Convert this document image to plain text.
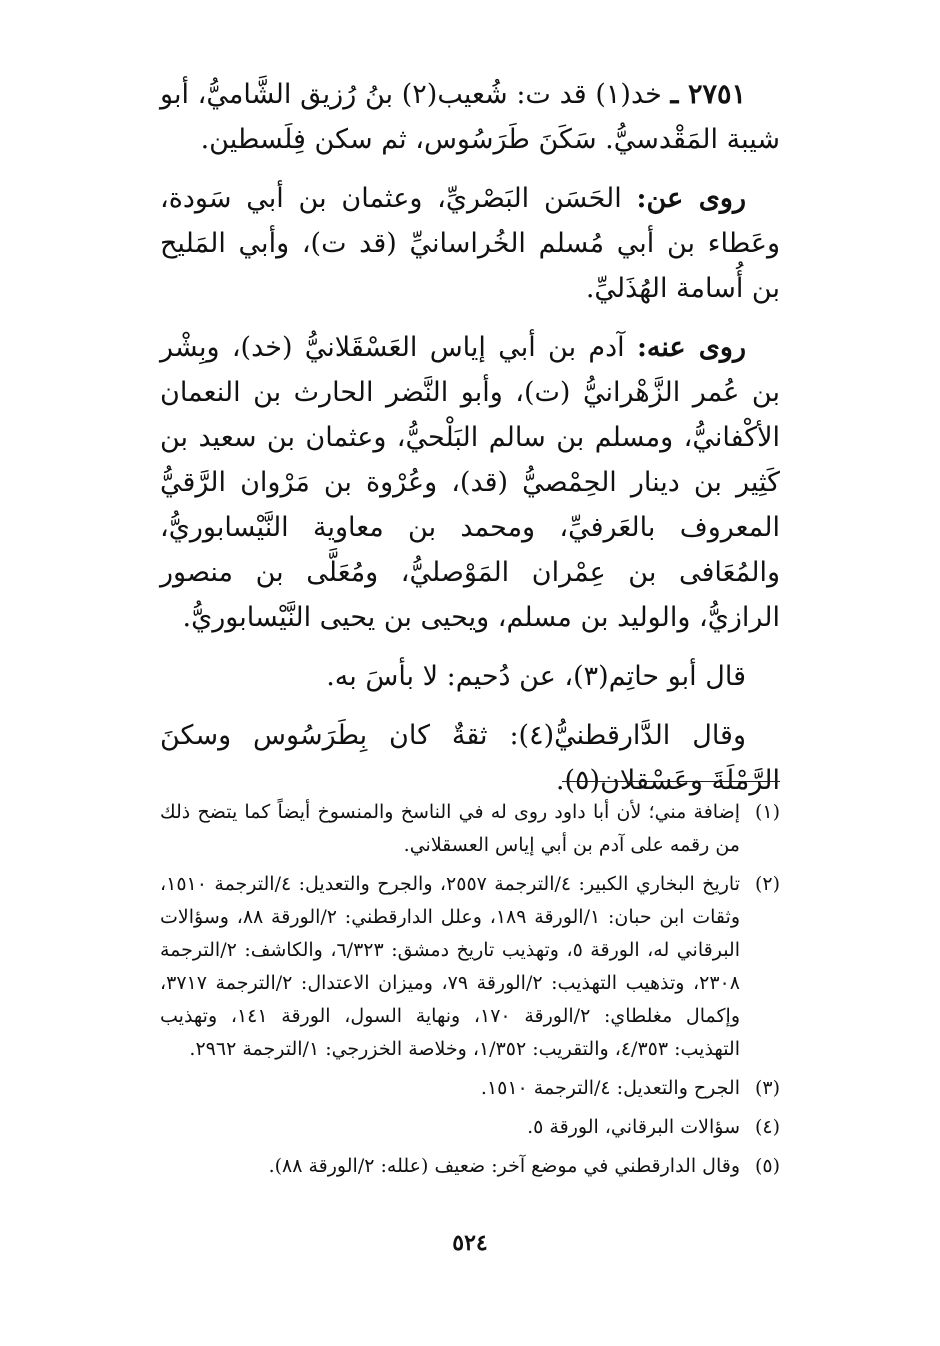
٢٧٥١ ـ خد(١) قد ت: شُعيب(٢) بنُ رُزيق الشَّاميُّ، أبو شيبة المَقْدسيُّ. سَكَنَ طَرَسُوس، ثم سكن فِلَسطين.

روى عن: الحَسَن البَصْريِّ، وعثمان بن أبي سَودة، وعَطاء بن أبي مُسلم الخُراسانيِّ (قد ت)، وأبي المَليح بن أُسامة الهُذَليِّ.

روى عنه: آدم بن أبي إياس العَسْقَلانيُّ (خد)، وبِشْر بن عُمر الزَّهْرانيُّ (ت)، وأبو النَّضر الحارث بن النعمان الأكْفانيُّ، ومسلم بن سالم البَلْحيُّ، وعثمان بن سعيد بن كَثِير بن دينار الحِمْصيُّ (قد)، وعُرْوة بن مَرْوان الرَّقيُّ المعروف بالعَرفيِّ، ومحمد بن معاوية النَّيْسابوريُّ، والمُعَافى بن عِمْران المَوْصليُّ، ومُعَلَّى بن منصور الرازيُّ، والوليد بن مسلم، ويحيى بن يحيى النَّيْسابوريُّ.

قال أبو حاتِم(٣)، عن دُحيم: لا بأسَ به.

وقال الدَّارقطنيُّ(٤): ثقةٌ كان بِطَرَسُوس وسكنَ الرَّمْلَةَ وعَسْقلان(٥).

(١)
إضافة مني؛ لأن أبا داود روى له في الناسخ والمنسوخ أيضاً كما يتضح ذلك من رقمه على آدم بن أبي إياس العسقلاني.

(٢)
تاريخ البخاري الكبير: ٤/الترجمة ٢٥٥٧، والجرح والتعديل: ٤/الترجمة ١٥١٠، وثقات ابن حبان: ١/الورقة ١٨٩، وعلل الدارقطني: ٢/الورقة ٨٨، وسؤالات البرقاني له، الورقة ٥، وتهذيب تاريخ دمشق: ٦/٣٢٣، والكاشف: ٢/الترجمة ٢٣٠٨، وتذهيب التهذيب: ٢/الورقة ٧٩، وميزان الاعتدال: ٢/الترجمة ٣٧١٧، وإكمال مغلطاي: ٢/الورقة ١٧٠، ونهاية السول، الورقة ١٤١، وتهذيب التهذيب: ٤/٣٥٣، والتقريب: ١/٣٥٢، وخلاصة الخزرجي: ١/الترجمة ٢٩٦٢.

(٣)
الجرح والتعديل: ٤/الترجمة ١٥١٠.

(٤)
سؤالات البرقاني، الورقة ٥.

(٥)
وقال الدارقطني في موضع آخر: ضعيف (علله: ٢/الورقة ٨٨).

٥٢٤
